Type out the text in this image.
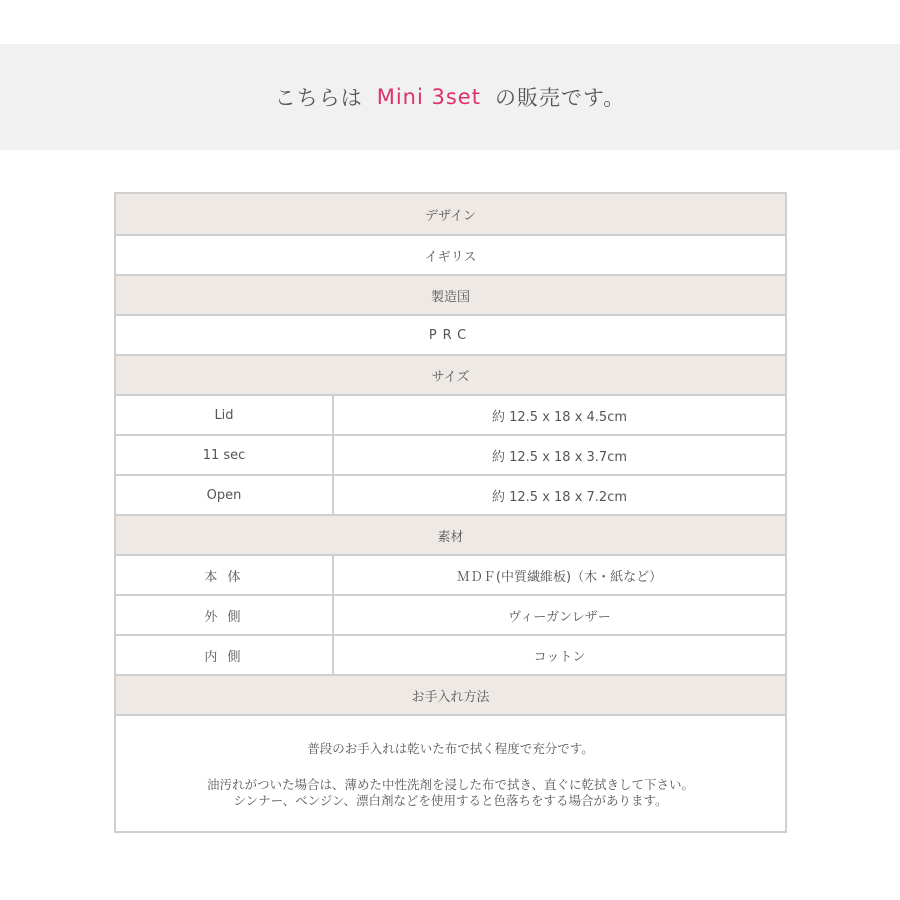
こちらは Mini 3set の販売です。
デザイン
イギリス
製造国
PRC
サイズ
Lid	約 12.5 x 18 x 4.5cm
11 sec	約 12.5 x 18 x 3.7cm
Open	約 12.5 x 18 x 7.2cm
素材
本 体	ＭＤＦ(中質繊維板)（木・紙など）
外 側	ヴィーガンレザー
内 側	コットン
お手入れ方法

普段のお手入れは乾いた布で拭く程度で充分です。

油汚れがついた場合は、薄めた中性洗剤を浸した布で拭き、直ぐに乾拭きして下さい。

シンナー、ベンジン、漂白剤などを使用すると色落ちをする場合があります。
